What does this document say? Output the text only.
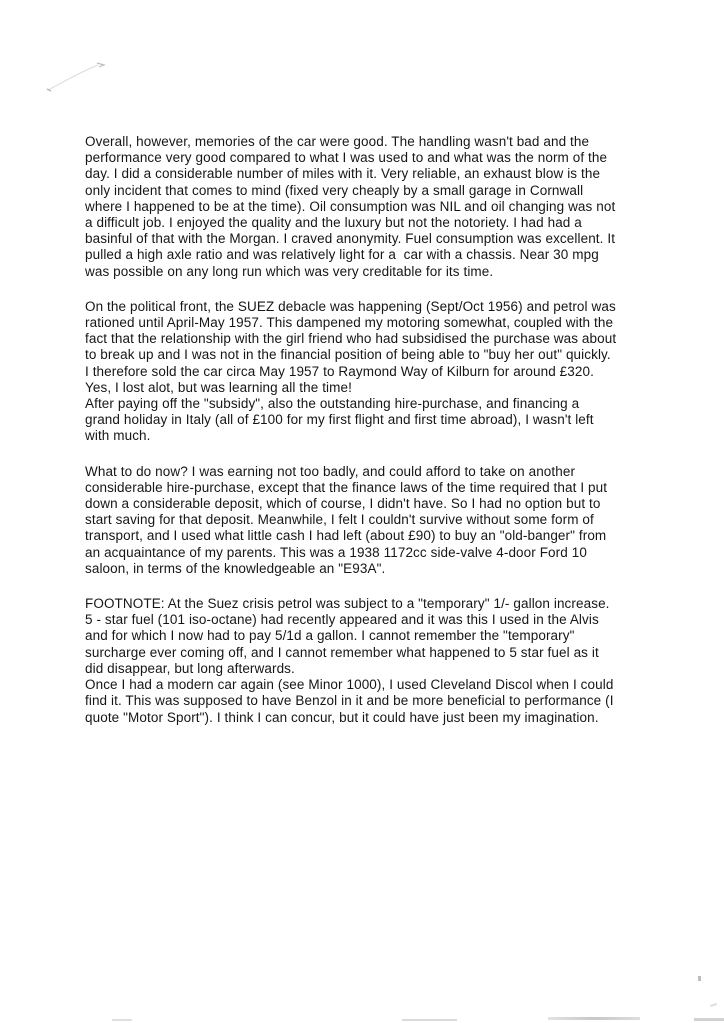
Overall, however, memories of the car were good. The handling wasn't bad and the
performance very good compared to what I was used to and what was the norm of the
day. I did a considerable number of miles with it. Very reliable, an exhaust blow is the
only incident that comes to mind (fixed very cheaply by a small garage in Cornwall
where I happened to be at the time). Oil consumption was NIL and oil changing was not
a difficult job. I enjoyed the quality and the luxury but not the notoriety. I had had a
basinful of that with the Morgan. I craved anonymity. Fuel consumption was excellent. It
pulled a high axle ratio and was relatively light for a  car with a chassis. Near 30 mpg
was possible on any long run which was very creditable for its time.

On the political front, the SUEZ debacle was happening (Sept/Oct 1956) and petrol was
rationed until April-May 1957. This dampened my motoring somewhat, coupled with the
fact that the relationship with the girl friend who had subsidised the purchase was about
to break up and I was not in the financial position of being able to "buy her out" quickly.
I therefore sold the car circa May 1957 to Raymond Way of Kilburn for around £320.
Yes, I lost alot, but was learning all the time!
After paying off the "subsidy", also the outstanding hire-purchase, and financing a
grand holiday in Italy (all of £100 for my first flight and first time abroad), I wasn't left
with much.

What to do now? I was earning not too badly, and could afford to take on another
considerable hire-purchase, except that the finance laws of the time required that I put
down a considerable deposit, which of course, I didn't have. So I had no option but to
start saving for that deposit. Meanwhile, I felt I couldn't survive without some form of
transport, and I used what little cash I had left (about £90) to buy an "old-banger" from
an acquaintance of my parents. This was a 1938 1172cc side-valve 4-door Ford 10
saloon, in terms of the knowledgeable an "E93A".

FOOTNOTE: At the Suez crisis petrol was subject to a "temporary" 1/- gallon increase.
5 - star fuel (101 iso-octane) had recently appeared and it was this I used in the Alvis
and for which I now had to pay 5/1d a gallon. I cannot remember the "temporary"
surcharge ever coming off, and I cannot remember what happened to 5 star fuel as it
did disappear, but long afterwards.
Once I had a modern car again (see Minor 1000), I used Cleveland Discol when I could
find it. This was supposed to have Benzol in it and be more beneficial to performance (I
quote "Motor Sport"). I think I can concur, but it could have just been my imagination.
